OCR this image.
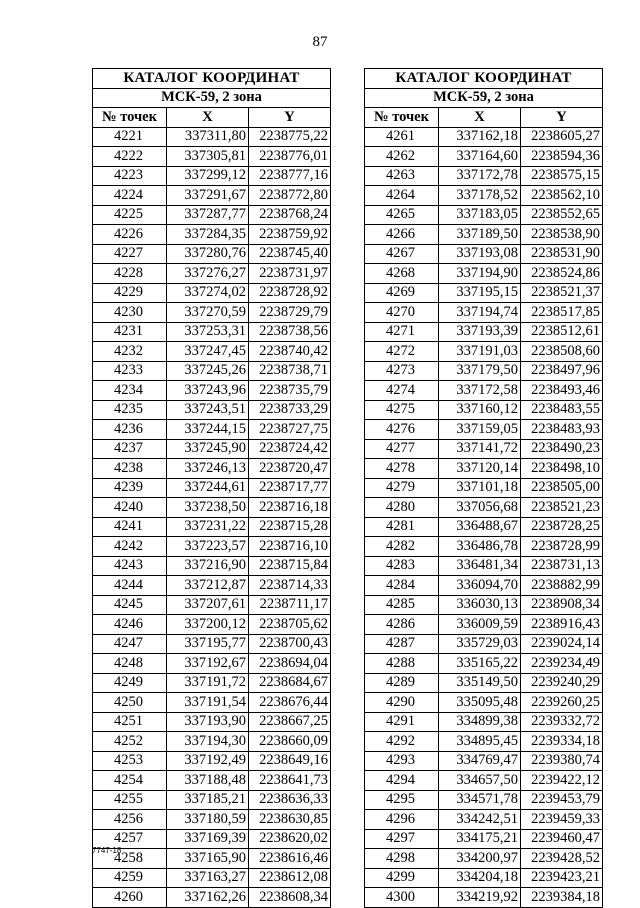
87
КАТАЛОГ КООРДИНАТ		
МСК-59, 2 зона		
№ точек	X	Y
4221	337311,80	2238775,22
4222	337305,81	2238776,01
4223	337299,12	2238777,16
4224	337291,67	2238772,80
4225	337287,77	2238768,24
4226	337284,35	2238759,92
4227	337280,76	2238745,40
4228	337276,27	2238731,97
4229	337274,02	2238728,92
4230	337270,59	2238729,79
4231	337253,31	2238738,56
4232	337247,45	2238740,42
4233	337245,26	2238738,71
4234	337243,96	2238735,79
4235	337243,51	2238733,29
4236	337244,15	2238727,75
4237	337245,90	2238724,42
4238	337246,13	2238720,47
4239	337244,61	2238717,77
4240	337238,50	2238716,18
4241	337231,22	2238715,28
4242	337223,57	2238716,10
4243	337216,90	2238715,84
4244	337212,87	2238714,33
4245	337207,61	2238711,17
4246	337200,12	2238705,62
4247	337195,77	2238700,43
4248	337192,67	2238694,04
4249	337191,72	2238684,67
4250	337191,54	2238676,44
4251	337193,90	2238667,25
4252	337194,30	2238660,09
4253	337192,49	2238649,16
4254	337188,48	2238641,73
4255	337185,21	2238636,33
4256	337180,59	2238630,85
4257	337169,39	2238620,02
4258	337165,90	2238616,46
4259	337163,27	2238612,08
4260	337162,26	2238608,34
КАТАЛОГ КООРДИНАТ		
МСК-59, 2 зона		
№ точек	X	Y
4261	337162,18	2238605,27
4262	337164,60	2238594,36
4263	337172,78	2238575,15
4264	337178,52	2238562,10
4265	337183,05	2238552,65
4266	337189,50	2238538,90
4267	337193,08	2238531,90
4268	337194,90	2238524,86
4269	337195,15	2238521,37
4270	337194,74	2238517,85
4271	337193,39	2238512,61
4272	337191,03	2238508,60
4273	337179,50	2238497,96
4274	337172,58	2238493,46
4275	337160,12	2238483,55
4276	337159,05	2238483,93
4277	337141,72	2238490,23
4278	337120,14	2238498,10
4279	337101,18	2238505,00
4280	337056,68	2238521,23
4281	336488,67	2238728,25
4282	336486,78	2238728,99
4283	336481,34	2238731,13
4284	336094,70	2238882,99
4285	336030,13	2238908,34
4286	336009,59	2238916,43
4287	335729,03	2239024,14
4288	335165,22	2239234,49
4289	335149,50	2239240,29
4290	335095,48	2239260,25
4291	334899,38	2239332,72
4292	334895,45	2239334,18
4293	334769,47	2239380,74
4294	334657,50	2239422,12
4295	334571,78	2239453,79
4296	334242,51	2239459,33
4297	334175,21	2239460,47
4298	334200,97	2239428,52
4299	334204,18	2239423,21
4300	334219,92	2239384,18
7747-18
